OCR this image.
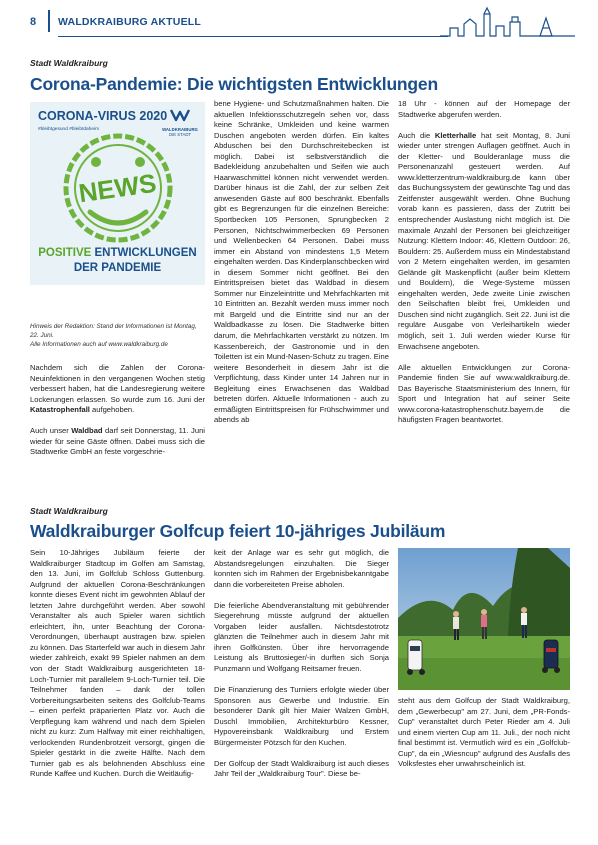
8 WALDKRAIBURG AKTUELL
Stadt Waldkraiburg
Corona-Pandemie: Die wichtigsten Entwicklungen
CORONA-VIRUS 2020
#bleibtgesund #bleibtdaheim	WALDKRAIBURG
DIE STADT
NEWS
POSITIVE ENTWICKLUNGEN
DER PANDEMIE
Hinweis der Redaktion: Stand der Informationen ist Montag, 22. Juni.
Alle Informationen auch auf www.waldkraiburg.de

Nachdem sich die Zahlen der Corona-Neuinfektionen in den vergangenen Wochen stetig verbessert haben, hat die Landesregierung weitere Lockerungen erlassen. So wurde zum 16. Juni der Katastrophenfall aufgehoben.

Auch unser Waldbad darf seit Donnerstag, 11. Juni wieder für seine Gäste öffnen. Dabei muss sich die Stadtwerke GmbH an feste vorgeschrie-

bene Hygiene- und Schutzmaßnahmen halten. Die aktuellen Infektionsschutzregeln sehen vor, dass keine Schränke, Umkleiden und keine warmen Duschen angeboten werden dürfen. Ein kaltes Abduschen bei den Durchschreitebecken ist möglich. Dabei ist selbstverständlich die Badekleidung anzubehalten und Seifen wie auch Haarwaschmittel können nicht verwendet werden. Darüber hinaus ist die Zahl, der zur selben Zeit anwesenden Gäste auf 800 beschränkt. Ebenfalls gibt es Begrenzungen für die einzelnen Bereiche: Sportbecken 105 Personen, Sprungbecken 2 Personen, Nichtschwimmerbecken 69 Personen und Wellenbecken 64 Personen. Dabei muss immer ein Abstand von mindestens 1,5 Metern eingehalten werden. Das Kinderplanschbecken wird in diesem Sommer nicht geöffnet. Bei den Eintrittspreisen bietet das Waldbad in diesem Sommer nur Einzeleintritte und Mehrfachkarten mit 10 Eintritten an. Bezahlt werden muss immer noch mit Bargeld und die Eintritte sind nur an der Waldbadkasse zu lösen. Die Stadtwerke bitten darum, die Mehrfachkarten verstärkt zu nützen. Im Kassenbereich, der Gastronomie und in den Toiletten ist ein Mund-Nasen-Schutz zu tragen. Eine weitere Besonderheit in diesem Jahr ist die Verpflichtung, dass Kinder unter 14 Jahren nur in Begleitung eines Erwachsenen das Waldbad betreten dürfen. Aktuelle Informationen - auch zu ermäßigten Eintrittspreisen für Frühschwimmer und abends ab

18 Uhr - können auf der Homepage der Stadtwerke abgerufen werden.

Auch die Kletterhalle hat seit Montag, 8. Juni wieder unter strengen Auflagen geöffnet. Auch in der Kletter- und Boulderanlage muss die Personenanzahl gesteuert werden. Auf www.kletterzentrum-waldkraiburg.de kann über das Buchungssystem der gewünschte Tag und das Zeitfenster ausgewählt werden. Ohne Buchung vorab kann es passieren, dass der Zutritt bei entsprechender Auslastung nicht möglich ist. Die maximale Anzahl der Personen bei gleichzeitiger Nutzung: Klettern Indoor: 46, Klettern Outdoor: 26, Bouldern: 25. Außerdem muss ein Mindestabstand von 2 Metern eingehalten werden, im gesamten Gelände gilt Maskenpflicht (außer beim Klettern und Bouldern), die Wege-Systeme müssen eingehalten werden, Jede zweite Linie zwischen den Seilschaften bleibt frei, Umkleiden und Duschen sind nicht zugänglich. Seit 22. Juni ist die reguläre Ausgabe von Verleihartikeln wieder möglich, seit 1. Juli werden wieder Kurse für Erwachsene angeboten.

Alle aktuellen Entwicklungen zur Corona-Pandemie finden Sie auf www.waldkraiburg.de. Das Bayerische Staatsministerium des Innern, für Sport und Integration hat auf seiner Seite www.corona-katastrophenschutz.bayern.de die häufigsten Fragen beantwortet.

Stadt Waldkraiburg
Waldkraiburger Golfcup feiert 10-jähriges Jubiläum

Sein 10-Jähriges Jubiläum feierte der Waldkraiburger Stadtcup im Golfen am Samstag, den 13. Juni, im Golfclub Schloss Guttenburg. Aufgrund der aktuellen Corona-Beschränkungen konnte dieses Event nicht im gewohnten Ablauf der letzten Jahre durchgeführt werden. Aber sowohl Veranstalter als auch Spieler waren sichtlich erleichtert, ihn, unter Beachtung der Corona-Verordnungen, überhaupt austragen bzw. spielen zu können. Das Starterfeld war auch in diesem Jahr wieder zahlreich, exakt 99 Spieler nahmen an dem von der Stadt Waldkraiburg ausgerichteten 18-Loch-Turnier mit parallelem 9-Loch-Turnier teil. Die Teilnehmer fanden – dank der tollen Vorbereitungsarbeiten seitens des Golfclub-Teams – einen perfekt präparierten Platz vor. Auch die Verpflegung kam während und nach dem Spielen nicht zu kurz: Zum Halfway mit einer reichhaltigen, verlockenden Rundenbrotzeit versorgt, gingen die Spieler gestärkt in die zweite Hälfte. Nach dem Turnier gab es als belohnenden Abschluss eine Runde Kaffee und Kuchen. Durch die Weitläufig-

keit der Anlage war es sehr gut möglich, die Abstandsregelungen einzuhalten. Die Sieger konnten sich im Rahmen der Ergebnisbekanntgabe dann die vorbereiteten Preise abholen.

Die feierliche Abendveranstaltung mit gebührender Siegerehrung müsste aufgrund der aktuellen Vorgaben leider ausfallen. Nichtsdestotrotz glänzten die Teilnehmer auch in diesem Jahr mit ihren Golfkünsten. Über ihre hervorragende Leistung als Bruttosieger/-in durften sich Sonja Punzmann und Wolfgang Reitsamer freuen.

Die Finanzierung des Turniers erfolgte wieder über Sponsoren aus Gewerbe und Industrie. Ein besonderer Dank gilt hier Maier Walzen GmbH, Duschl Immobilien, Architekturbüro Kessner, Hypovereinsbank Waldkraiburg und Erstem Bürgermeister Pötzsch für den Kuchen.

Der Golfcup der Stadt Waldkraiburg ist auch dieses Jahr Teil der „Waldkraiburg Tour". Diese be-

steht aus dem Golfcup der Stadt Waldkraiburg, dem „Gewerbecup" am 27. Juni, dem „PR-Fonds-Cup" veranstaltet durch Peter Rieder am 4. Juli und einem vierten Cup am 11. Juli., der noch nicht final bestimmt ist. Vermutlich wird es ein „Golfclub-Cup", da ein „Wiesncup" aufgrund des Ausfalls des Volksfestes eher unwahrscheinlich ist.
